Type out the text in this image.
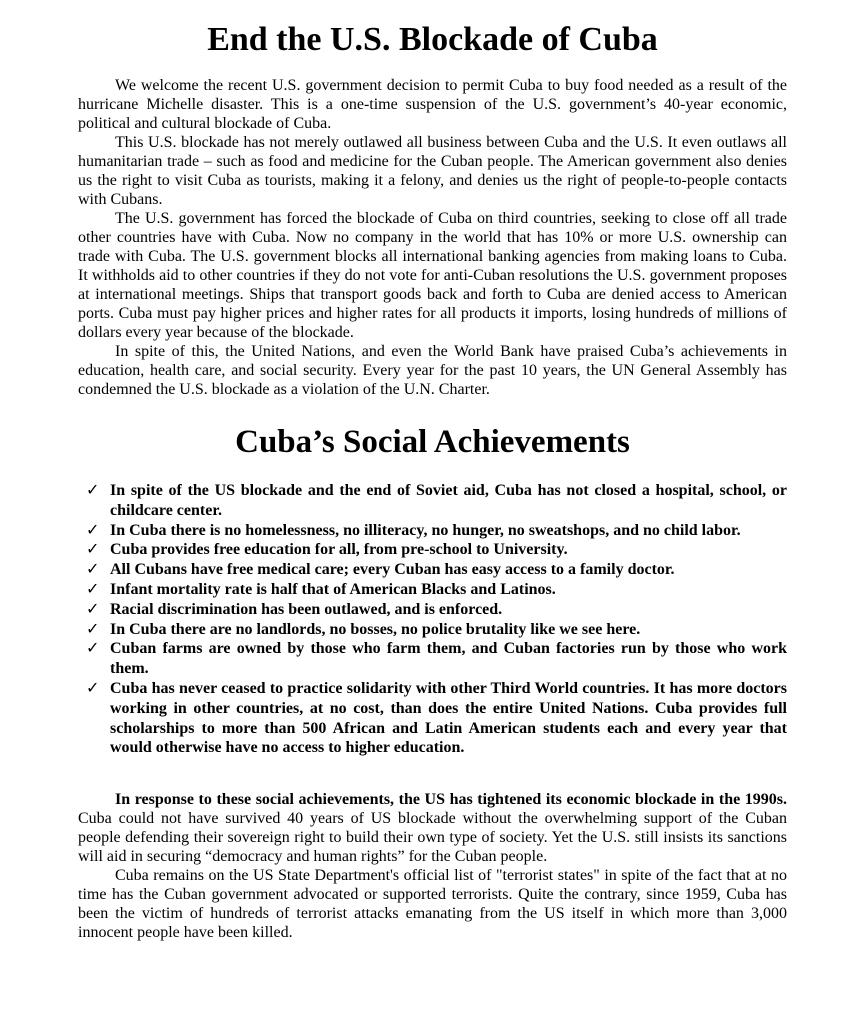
End the U.S. Blockade of Cuba

We welcome the recent U.S. government decision to permit Cuba to buy food needed as a result of the hurricane Michelle disaster. This is a one-time suspension of the U.S. government’s 40-year economic, political and cultural blockade of Cuba.

This U.S. blockade has not merely outlawed all business between Cuba and the U.S. It even outlaws all humanitarian trade – such as food and medicine for the Cuban people. The American government also denies us the right to visit Cuba as tourists, making it a felony, and denies us the right of people-to-people contacts with Cubans.

The U.S. government has forced the blockade of Cuba on third countries, seeking to close off all trade other countries have with Cuba. Now no company in the world that has 10% or more U.S. ownership can trade with Cuba. The U.S. government blocks all international banking agencies from making loans to Cuba. It withholds aid to other countries if they do not vote for anti-Cuban resolutions the U.S. government proposes at international meetings. Ships that transport goods back and forth to Cuba are denied access to American ports. Cuba must pay higher prices and higher rates for all products it imports, losing hundreds of millions of dollars every year because of the blockade.

In spite of this, the United Nations, and even the World Bank have praised Cuba’s achievements in education, health care, and social security. Every year for the past 10 years, the UN General Assembly has condemned the U.S. blockade as a violation of the U.N. Charter.

Cuba’s Social Achievements
✓ In spite of the US blockade and the end of Soviet aid, Cuba has not closed a hospital, school, or childcare center.
✓ In Cuba there is no homelessness, no illiteracy, no hunger, no sweatshops, and no child labor.
✓ Cuba provides free education for all, from pre-school to University.
✓ All Cubans have free medical care; every Cuban has easy access to a family doctor.
✓ Infant mortality rate is half that of American Blacks and Latinos.
✓ Racial discrimination has been outlawed, and is enforced.
✓ In Cuba there are no landlords, no bosses, no police brutality like we see here.
✓ Cuban farms are owned by those who farm them, and Cuban factories run by those who work them.
✓ Cuba has never ceased to practice solidarity with other Third World countries. It has more doctors working in other countries, at no cost, than does the entire United Nations. Cuba provides full scholarships to more than 500 African and Latin American students each and every year that would otherwise have no access to higher education.

In response to these social achievements, the US has tightened its economic blockade in the 1990s. Cuba could not have survived 40 years of US blockade without the overwhelming support of the Cuban people defending their sovereign right to build their own type of society. Yet the U.S. still insists its sanctions will aid in securing “democracy and human rights” for the Cuban people.

Cuba remains on the US State Department's official list of "terrorist states" in spite of the fact that at no time has the Cuban government advocated or supported terrorists. Quite the contrary, since 1959, Cuba has been the victim of hundreds of terrorist attacks emanating from the US itself in which more than 3,000 innocent people have been killed.
